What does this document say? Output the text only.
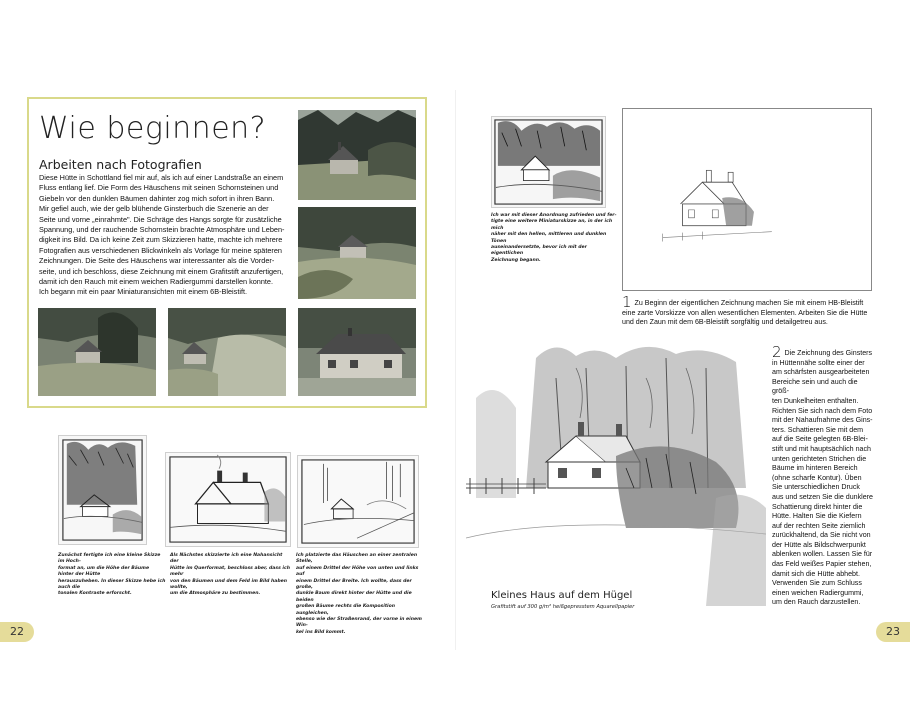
Wie beginnen?
Arbeiten nach Fotografien
Diese Hütte in Schottland fiel mir auf, als ich auf einer Landstraße an einem
Fluss entlang lief. Die Form des Häuschens mit seinen Schornsteinen und
Giebeln vor den dunklen Bäumen dahinter zog mich sofort in ihren Bann.
Mir gefiel auch, wie der gelb blühende Ginsterbuch die Szenerie an der
Seite und vorne „einrahmte". Die Schräge des Hangs sorgte für zusätzliche
Spannung, und der rauchende Schornstein brachte Atmosphäre und Leben-
digkeit ins Bild. Da ich keine Zeit zum Skizzieren hatte, machte ich mehrere
Fotografien aus verschiedenen Blickwinkeln als Vorlage für meine späteren
Zeichnungen. Die Seite des Häuschens war interessanter als die Vorder-
seite, und ich beschloss, diese Zeichnung mit einem Grafitstift anzufertigen,
damit ich den Rauch mit einem weichen Radiergummi darstellen konnte.
Ich begann mit ein paar Miniaturansichten mit einem 6B-Bleistift.
Zunächst fertigte ich eine kleine Skizze im Hoch-
format an, um die Höhe der Bäume hinter der Hütte
herauszuheben. In dieser Skizze hebe ich auch die
tonalen Kontraste erforscht.
Als Nächstes skizzierte ich eine Nahansicht der
Hütte im Querformat, beschloss aber, dass ich mehr
von den Bäumen und dem Feld im Bild haben wollte,
um die Atmosphäre zu bestimmen.
Ich platzierte das Häuschen an einer zentralen Stelle,
auf einem Drittel der Höhe von unten und links auf
einem Drittel der Breite. Ich wollte, dass der große,
dunkle Baum direkt hinter der Hütte und die beiden
großen Bäume rechts die Komposition ausgleichen,
ebenso wie der Straßenrand, der vorne in einem Win-
kel ins Bild kommt.
22
Ich war mit dieser Anordnung zufrieden und fer-
tigte eine weitere Miniaturskizze an, in der ich mich
näher mit den hellen, mittleren und dunklen Tönen
auseinandersetzte, bevor ich mit der eigentlichen
Zeichnung begann.
1 Zu Beginn der eigentlichen Zeichnung machen Sie mit einem HB-Bleistift eine zarte Vorskizze von allen wesentlichen Elementen. Arbeiten Sie die Hütte und den Zaun mit dem 6B-Bleistift sorgfältig und detailgetreu aus.
2 Die Zeichnung des Ginsters
in Hüttennähe sollte einer der
am schärfsten ausgearbeiteten
Bereiche sein und auch die größ-
ten Dunkelheiten enthalten.
Richten Sie sich nach dem Foto
mit der Nahaufnahme des Gins-
ters. Schattieren Sie mit dem
auf die Seite gelegten 6B-Blei-
stift und mit hauptsächlich nach
unten gerichteten Strichen die
Bäume im hinteren Bereich
(ohne scharfe Kontur). Üben
Sie unterschiedlichen Druck
aus und setzen Sie die dunklere
Schattierung direkt hinter die
Hütte. Halten Sie die Kiefern
auf der rechten Seite ziemlich
zurückhaltend, da Sie nicht von
der Hütte als Bildschwerpunkt
ablenken wollen. Lassen Sie für
das Feld weißes Papier stehen,
damit sich die Hütte abhebt.
Verwenden Sie zum Schluss
einen weichen Radiergummi,
um den Rauch darzustellen.
Kleines Haus auf dem Hügel
Grafitstift auf 300 g/m² heißgepresstem Aquarellpapier
23
